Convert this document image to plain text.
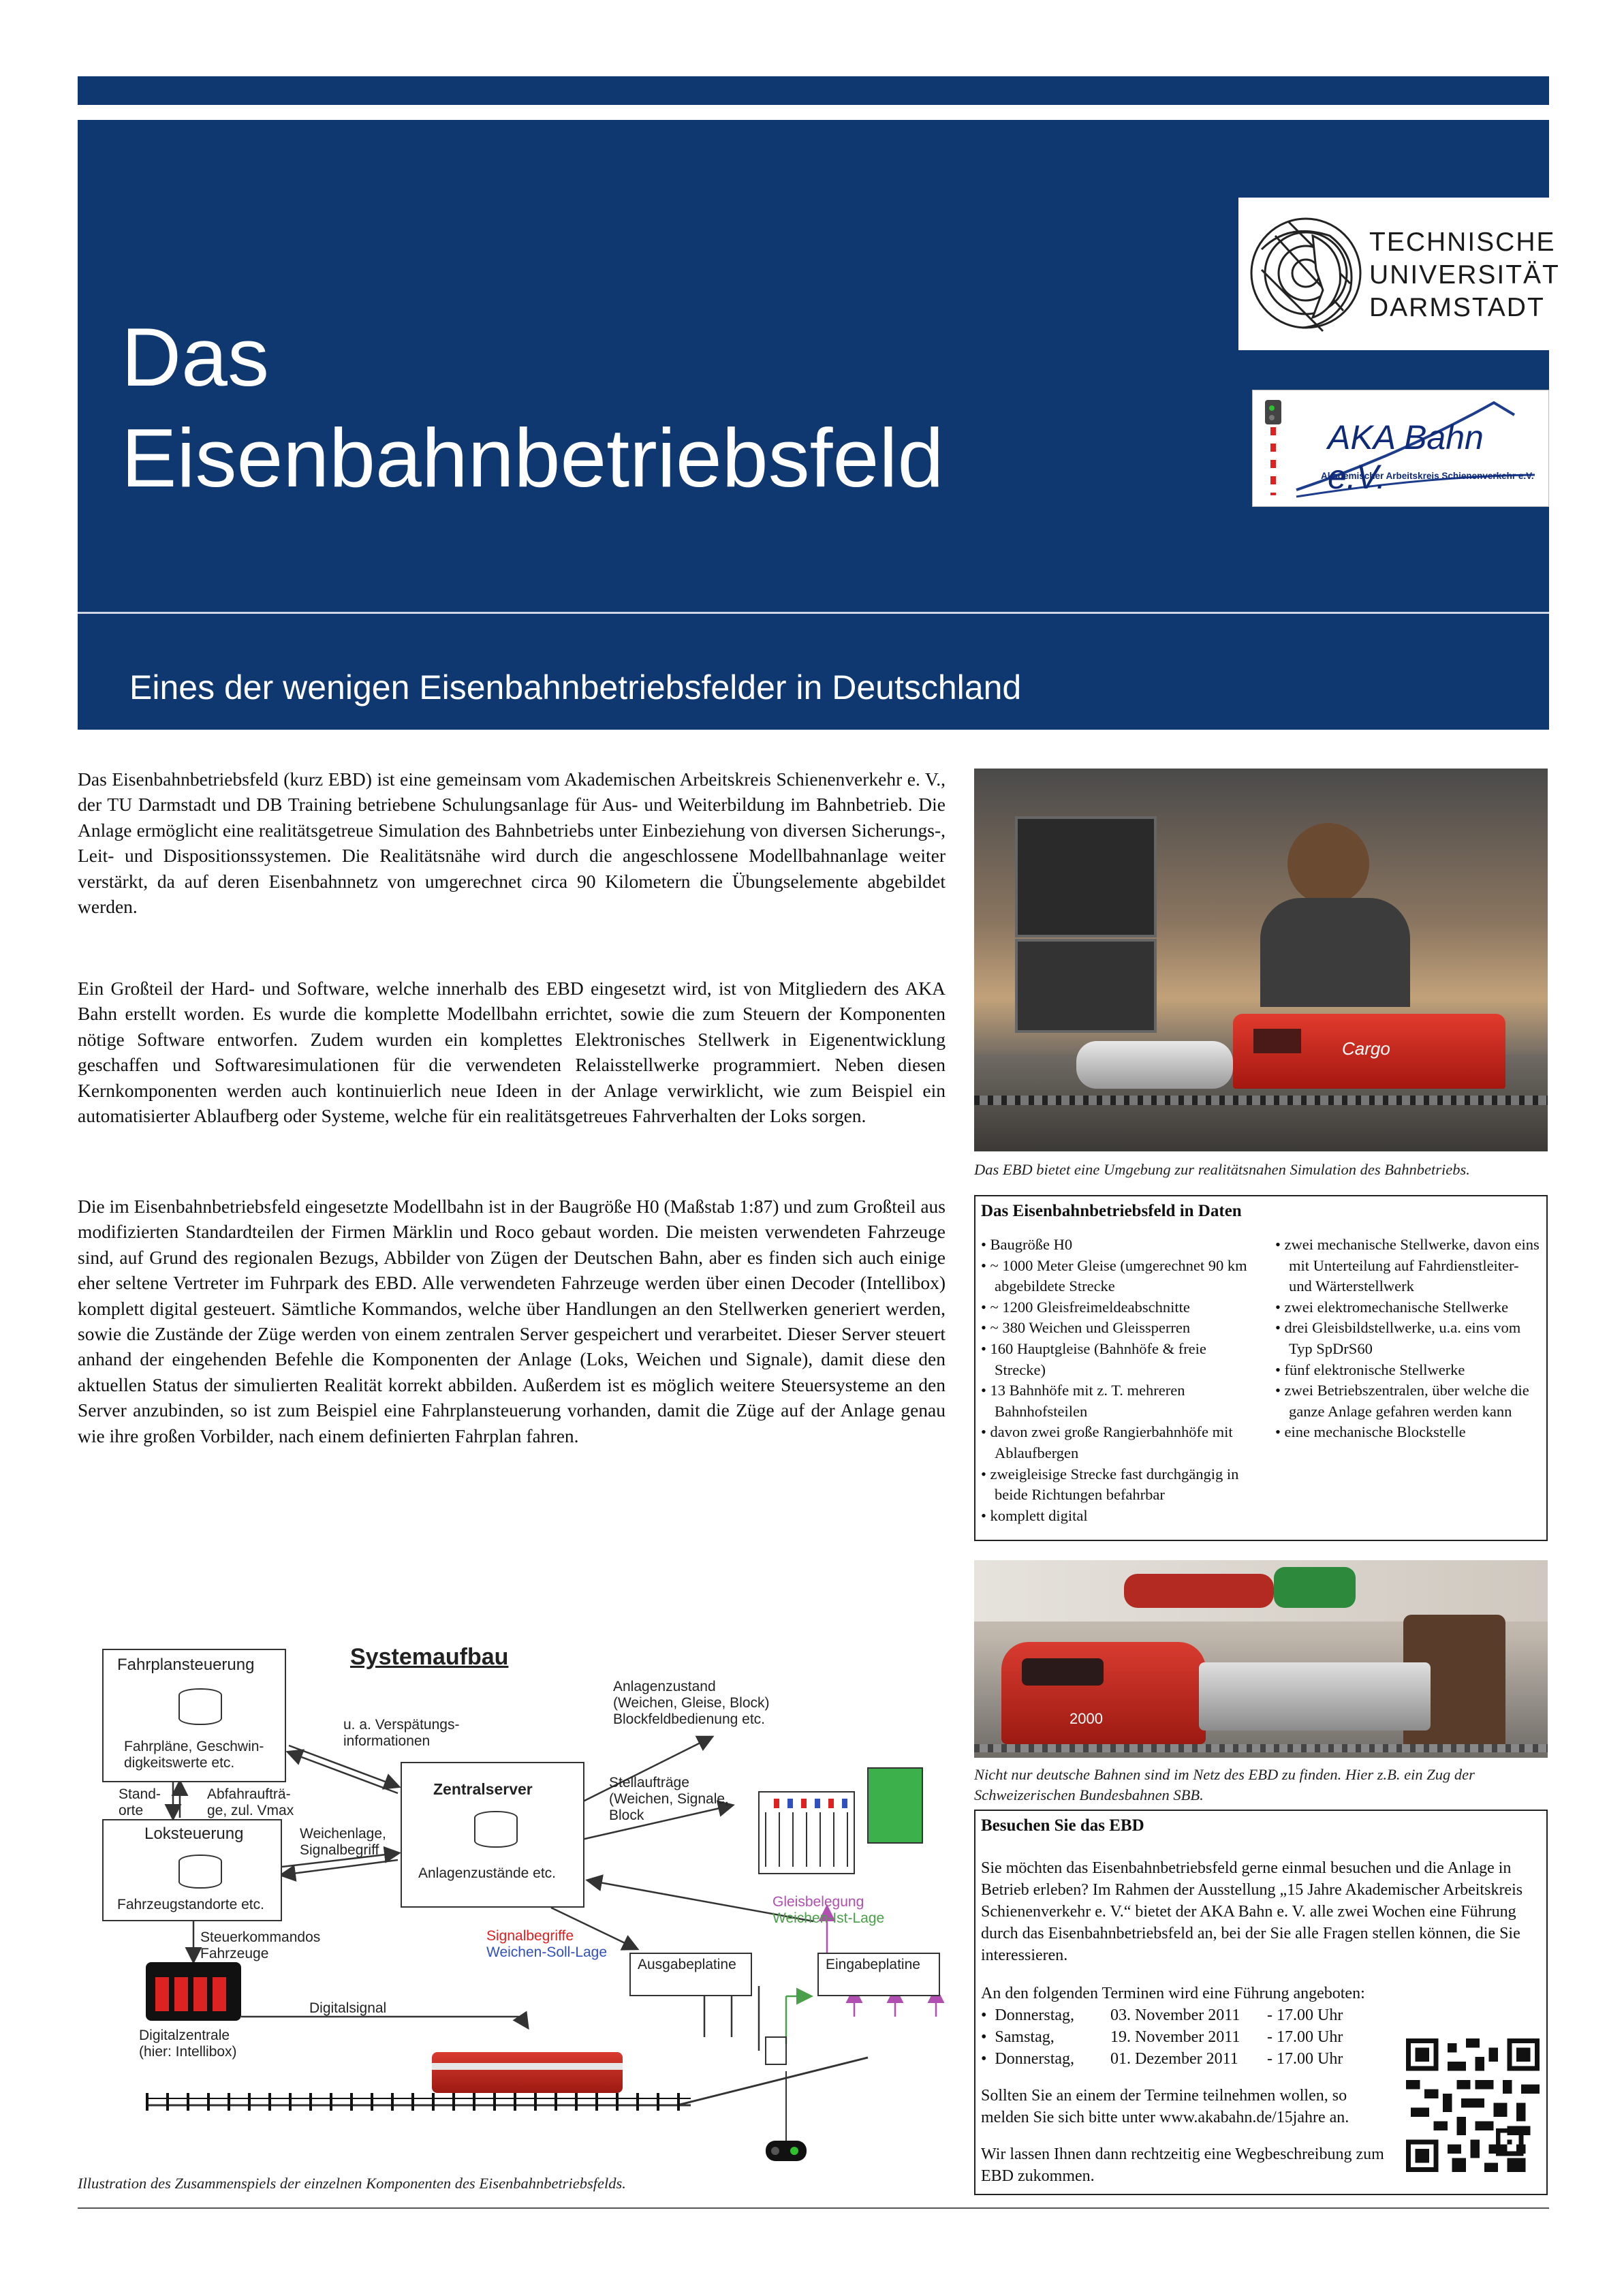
Das
Eisenbahnbetriebsfeld
Eines der wenigen Eisenbahnbetriebsfelder in Deutschland
TECHNISCHE
UNIVERSITÄT
DARMSTADT
AKA Bahn e.V.
Akademischer Arbeitskreis Schienenverkehr e.V.
Das Eisenbahnbetriebsfeld (kurz EBD) ist eine gemeinsam vom Akademischen Arbeitskreis Schienenverkehr e. V., der TU Darmstadt und DB Training betriebene Schulungsanlage für Aus- und Weiterbildung im Bahnbetrieb. Die Anlage ermöglicht eine realitätsgetreue Simulation des Bahnbetriebs unter Einbeziehung von diversen Sicherungs-, Leit- und Dispositionssystemen. Die Realitätsnähe wird durch die angeschlossene Modellbahnanlage weiter verstärkt, da auf deren Eisenbahnnetz von umgerechnet circa 90 Kilometern die Übungselemente abgebildet werden.
Ein Großteil der Hard- und Software, welche innerhalb des EBD eingesetzt wird, ist von Mitgliedern des AKA Bahn erstellt worden. Es wurde die komplette Modellbahn errichtet, sowie die zum Steuern der Komponenten nötige Software entworfen. Zudem wurden ein komplettes Elektronisches Stellwerk in Eigenentwicklung geschaffen und Softwaresimulationen für die verwendeten Relaisstellwerke programmiert. Neben diesen Kernkomponenten werden auch kontinuierlich neue Ideen in der Anlage verwirklicht, wie zum Beispiel ein automatisierter Ablaufberg oder Systeme, welche für ein realitätsgetreues Fahrverhalten der Loks sorgen.
Die im Eisenbahnbetriebsfeld eingesetzte Modellbahn ist in der Baugröße H0 (Maßstab 1:87) und zum Großteil aus modifizierten Standardteilen der Firmen Märklin und Roco gebaut worden. Die meisten verwendeten Fahrzeuge sind, auf Grund des regionalen Bezugs, Abbilder von Zügen der Deutschen Bahn, aber es finden sich auch einige eher seltene Vertreter im Fuhrpark des EBD. Alle verwendeten Fahrzeuge werden über einen Decoder (Intellibox) komplett digital gesteuert. Sämtliche Kommandos, welche über Handlungen an den Stellwerken generiert werden, sowie die Zustände der Züge werden von einem zentralen Server gespeichert und verarbeitet. Dieser Server steuert anhand der eingehenden Befehle die Komponenten der Anlage (Loks, Weichen und Signale), damit diese den aktuellen Status der simulierten Realität korrekt abbilden. Außerdem ist es möglich weitere Steuersysteme an den Server anzubinden, so ist zum Beispiel eine Fahrplansteuerung vorhanden, damit die Züge auf der Anlage genau wie ihre großen Vorbilder, nach einem definierten Fahrplan fahren.
Cargo
Das EBD bietet eine Umgebung zur realitätsnahen Simulation des Bahnbetriebs.
Das Eisenbahnbetriebsfeld in Daten
• Baugröße H0
• ~ 1000 Meter Gleise (umgerechnet 90 km abgebildete Strecke
• ~ 1200 Gleisfreimeldeabschnitte
• ~ 380 Weichen und Gleissperren
• 160 Hauptgleise (Bahnhöfe & freie Strecke)
• 13 Bahnhöfe mit z. T. mehreren Bahnhofsteilen
• davon zwei große Rangierbahnhöfe mit Ablaufbergen
• zweigleisige Strecke fast durchgängig in beide Richtungen befahrbar
• komplett digital
• zwei mechanische Stellwerke, davon eins mit Unterteilung auf Fahrdienstleiter- und Wärterstellwerk
• zwei elektromechanische Stellwerke
• drei Gleisbildstellwerke, u.a. eins vom Typ SpDrS60
• fünf elektronische Stellwerke
• zwei Betriebszentralen, über welche die ganze Anlage gefahren werden kann
• eine mechanische Blockstelle
2000
Nicht nur deutsche Bahnen sind im Netz des EBD zu finden. Hier z.B. ein Zug der Schweizerischen Bundesbahnen SBB.
Besuchen Sie das EBD
Sie möchten das Eisenbahnbetriebsfeld gerne einmal besuchen und die Anlage in Betrieb erleben? Im Rahmen der Ausstellung „15 Jahre Akademischer Arbeitskreis Schienenverkehr e. V.“ bietet der AKA Bahn e. V. alle zwei Wochen eine Führung durch das Eisenbahnbetriebsfeld an, bei der Sie alle Fragen stellen können, die Sie interessieren.
An den folgenden Terminen wird eine Führung angeboten:
•  Donnerstag, 03. November 2011  - 17.00 Uhr
•  Samstag,	19. November 2011  - 17.00 Uhr
•  Donnerstag, 01. Dezember 2011  - 17.00 Uhr
Sollten Sie an einem der Termine teilnehmen wollen, so melden Sie sich bitte unter www.akabahn.de/15jahre an.
Wir lassen Ihnen dann rechtzeitig eine Wegbeschreibung zum EBD zukommen.
Systemaufbau
Fahrplansteuerung
Fahrpläne, Geschwin-
digkeitswerte etc.
Loksteuerung
Fahrzeugstandorte etc.
Zentralserver
Anlagenzustände etc.
u. a. Verspätungs-
informationen
Stand-
orte
Abfahraufträ-
ge, zul. Vmax
Weichenlage,
Signalbegriff
Anlagenzustand
(Weichen, Gleise, Block)
Blockfeldbedienung etc.
Stellaufträge
(Weichen, Signale,
Block
Gleisbelegung
Weichen-Ist-Lage
Signalbegriffe
Weichen-Soll-Lage
Ausgabeplatine	Eingabeplatine
Steuerkommandos
Fahrzeuge
Digitalsignal
Digitalzentrale
(hier: Intellibox)
Illustration des Zusammenspiels der einzelnen Komponenten des Eisenbahnbetriebsfelds.
